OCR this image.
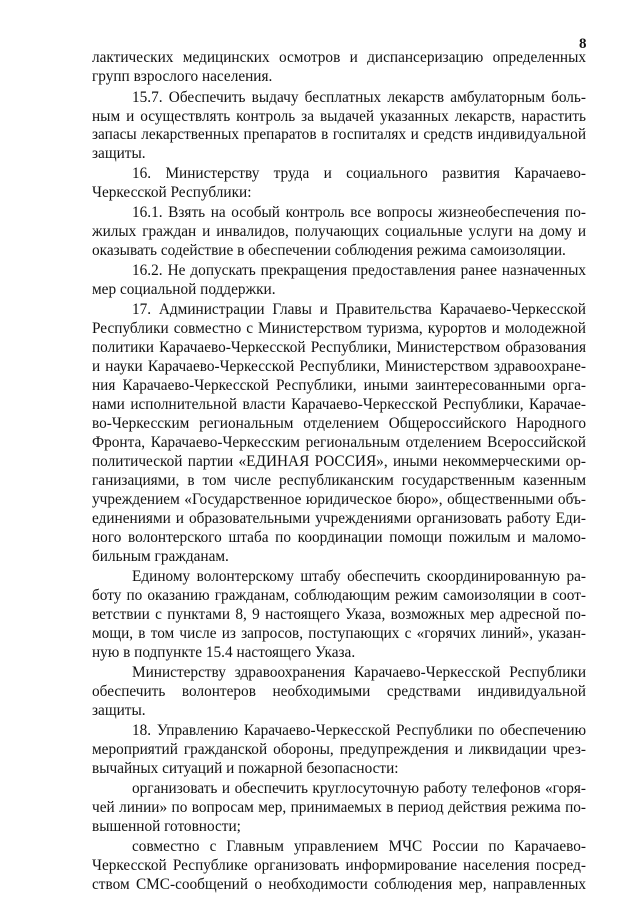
8
лактических медицинских осмотров и диспансеризацию определенных
групп взрослого населения.
15.7. Обеспечить выдачу бесплатных лекарств амбулаторным боль-
ным и осуществлять контроль за выдачей указанных лекарств, нарастить
запасы лекарственных препаратов в госпиталях и средств индивидуальной
защиты.
16. Министерству труда и социального развития Карачаево-
Черкесской Республики:
16.1. Взять на особый контроль все вопросы жизнеобеспечения по-
жилых граждан и инвалидов, получающих социальные услуги на дому и
оказывать содействие в обеспечении соблюдения режима самоизоляции.
16.2. Не допускать прекращения предоставления ранее назначенных
мер социальной поддержки.
17. Администрации Главы и Правительства Карачаево-Черкесской
Республики совместно с Министерством туризма, курортов и молодежной
политики Карачаево-Черкесской Республики, Министерством образования
и науки Карачаево-Черкесской Республики, Министерством здравоохране-
ния Карачаево-Черкесской Республики, иными заинтересованными орга-
нами исполнительной власти Карачаево-Черкесской Республики, Карачае-
во-Черкесским региональным отделением Общероссийского Народного
Фронта, Карачаево-Черкесским региональным отделением Всероссийской
политической партии «ЕДИНАЯ РОССИЯ», иными некоммерческими ор-
ганизациями, в том числе республиканским государственным казенным
учреждением «Государственное юридическое бюро», общественными объ-
единениями и образовательными учреждениями организовать работу Еди-
ного волонтерского штаба по координации помощи пожилым и маломо-
бильным гражданам.
Единому волонтерскому штабу обеспечить скоординированную ра-
боту по оказанию гражданам, соблюдающим режим самоизоляции в соот-
ветствии с пунктами 8, 9 настоящего Указа, возможных мер адресной по-
мощи, в том числе из запросов, поступающих с «горячих линий», указан-
ную в подпункте 15.4 настоящего Указа.
Министерству здравоохранения Карачаево-Черкесской Республики
обеспечить волонтеров необходимыми средствами индивидуальной
защиты.
18. Управлению Карачаево-Черкесской Республики по обеспечению
мероприятий гражданской обороны, предупреждения и ликвидации чрез-
вычайных ситуаций и пожарной безопасности:
организовать и обеспечить круглосуточную работу телефонов «горя-
чей линии» по вопросам мер, принимаемых в период действия режима по-
вышенной готовности;
совместно с Главным управлением МЧС России по Карачаево-
Черкесской Республике организовать информирование населения посред-
ством СМС-сообщений о необходимости соблюдения мер, направленных
